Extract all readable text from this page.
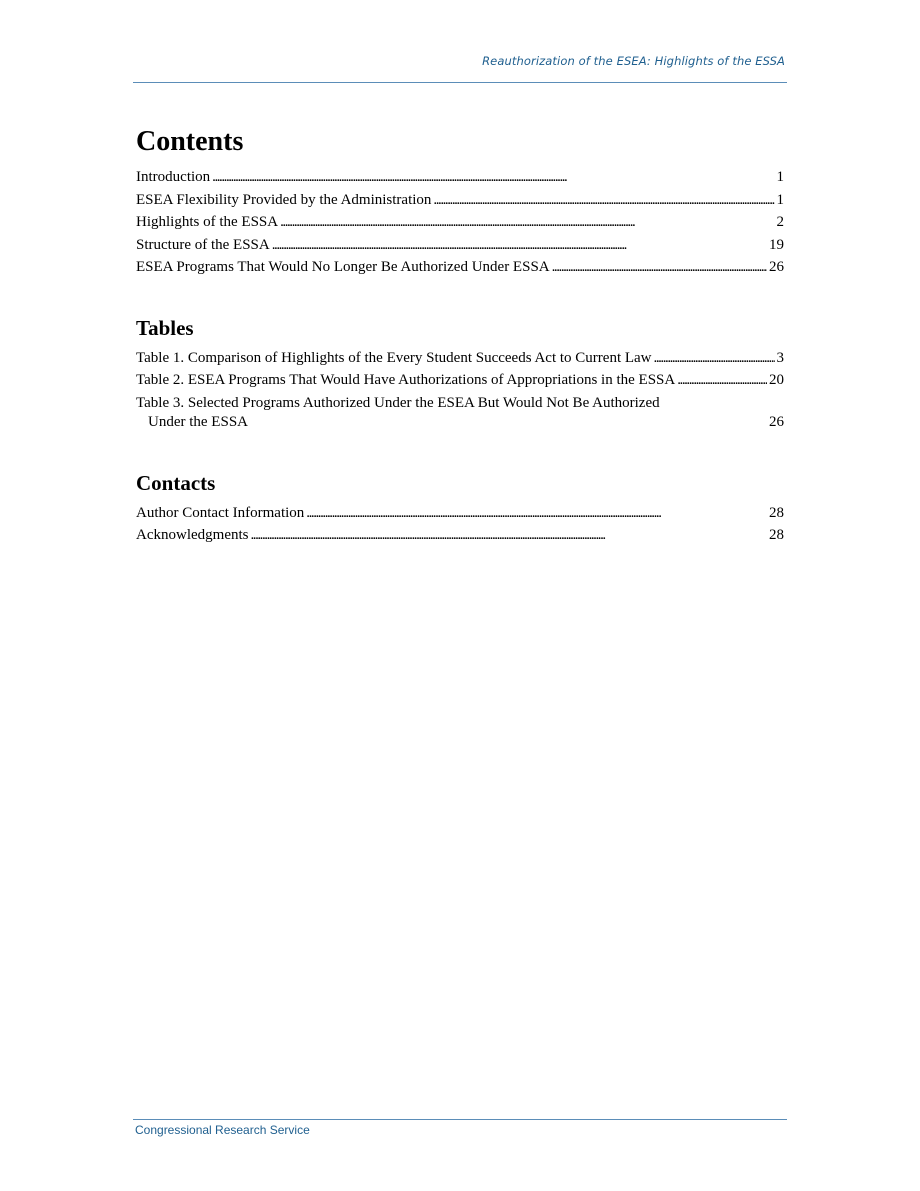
Reauthorization of the ESEA: Highlights of the ESSA
Contents
Introduction . . .	1
ESEA Flexibility Provided by the Administration . . .	1
Highlights of the ESSA . . .	2
Structure of the ESSA . . .	19
ESEA Programs That Would No Longer Be Authorized Under ESSA . . .	26
Tables
Table 1. Comparison of Highlights of the Every Student Succeeds Act to Current Law . . .	3
Table 2. ESEA Programs That Would Have Authorizations of Appropriations in the ESSA . . .	20
Table 3. Selected Programs Authorized Under the ESEA But Would Not Be Authorized
Under the ESSA	26
Contacts
Author Contact Information . . .	28
Acknowledgments . . .	28
Congressional Research Service
